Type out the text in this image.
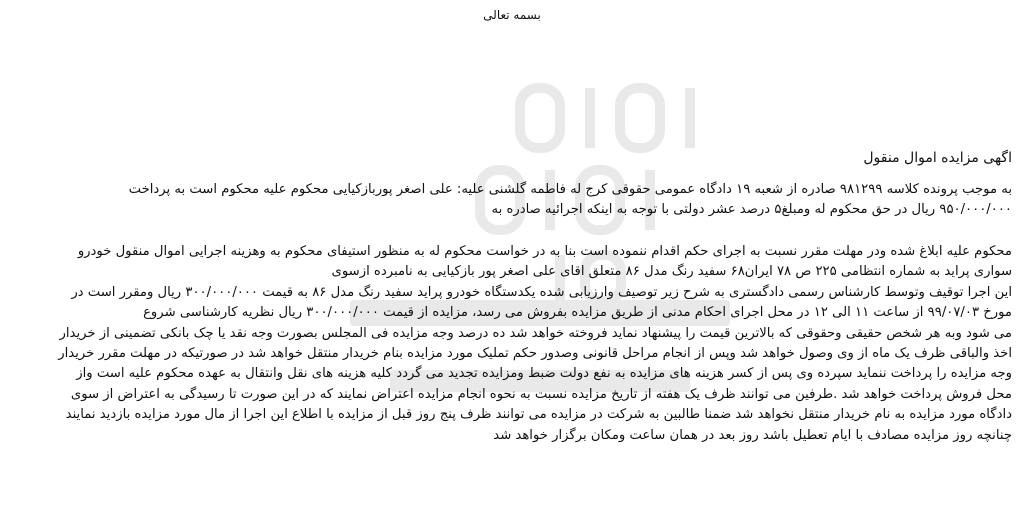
بسمه تعالی
اگهی مزایده اموال منقول
به موجب پرونده کلاسه ۹۸۱۲۹۹ صادره از شعبه ۱۹ دادگاه عمومی حقوقی کرج له فاطمه گلشنی علیه: علی اصغر پوربازکیایی محکوم علیه محکوم است به پرداخت
۹۵۰/۰۰۰/۰۰۰ ریال در حق محکوم له ومبلغ۵ درصد عشر دولتی با توجه به اینکه اجرائیه صادره به
محکوم علیه ابلاغ شده ودر مهلت مقرر نسبت به اجرای حکم اقدام ننموده است بنا به در خواست محکوم له به منظور استیفای محکوم به وهزینه اجرایی اموال منقول خودرو
سواری پراید به شماره انتظامی ۲۲۵ ص ۷۸ ایران۶۸ سفید رنگ مدل ۸۶ متعلق اقای علی اصغر پور بازکیایی به نامبرده ازسوی
این اجرا توقیف وتوسط کارشناس رسمی دادگستری به شرح زیر توصیف وارزیابی شده یکدستگاه خودرو پراید سفید رنگ مدل ۸۶ به قیمت ۳۰۰/۰۰۰/۰۰۰ ریال ومقرر است در
مورخ ۹۹/۰۷/۰۳ از ساعت ۱۱ الی ۱۲ در محل اجرای احکام مدنی از طریق مزایده بفروش می رسد، مزایده از قیمت ۳۰۰/۰۰۰/۰۰۰ ریال نظریه کارشناسی شروع
می شود وبه هر شخص حقیقی وحقوقی که بالاترین قیمت را پیشنهاد نماید فروخته خواهد شد ده درصد وجه مزایده فی المجلس بصورت وجه نقد یا چک بانکی تضمینی از خریدار
اخذ والباقی ظرف یک ماه از وی وصول خواهد شد وپس از انجام مراحل قانونی وصدور حکم تملیک مورد مزایده بنام خریدار منتقل خواهد شد در صورتیکه در مهلت مقرر خریدار
وجه مزایده را پرداخت ننماید سپرده وی پس از کسر هزینه های مزایده به نفع دولت ضبط ومزایده تجدید می گردد کلیه هزینه های نقل وانتقال به عهده محکوم علیه است واز
محل فروش پرداخت خواهد شد .طرفین می توانند ظرف یک هفته از تاریخ مزایده نسبت به نحوه انجام مزایده اعتراض نمایند که در این صورت تا رسیدگی به اعتراض از سوی
دادگاه مورد مزایده به نام خریدار منتقل نخواهد شد ضمنا طالبین به شرکت در مزایده می توانند ظرف پنج روز قبل از مزایده با اطلاع این اجرا از مال مورد مزایده بازدید نمایند
چنانچه روز مزایده مصادف با ایام تعطیل باشد روز بعد در همان ساعت ومکان برگزار خواهد شد
